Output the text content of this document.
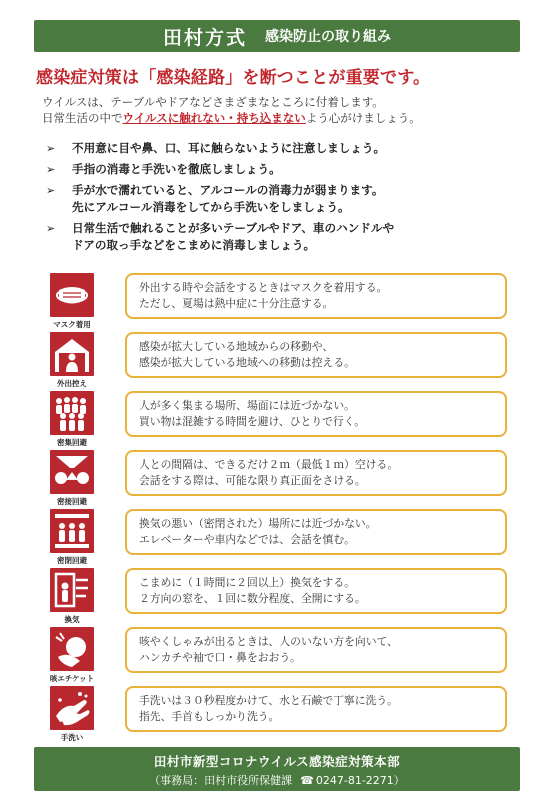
田村方式 感染防止の取り組み
感染症対策は「感染経路」を断つことが重要です。
ウイルスは、テーブルやドアなどさまざまなところに付着します。
日常生活の中でウイルスに触れない・持ち込まないよう心がけましょう。
➢ 不用意に目や鼻、口、耳に触らないように注意しましょう。
➢ 手指の消毒と手洗いを徹底しましょう。
➢ 手が水で濡れていると、アルコールの消毒力が弱まります。
先にアルコール消毒をしてから手洗いをしましょう。
➢ 日常生活で触れることが多いテーブルやドア、車のハンドルや
ドアの取っ手などをこまめに消毒しましょう。
マスク着用
外出する時や会話をするときはマスクを着用する。
ただし、夏場は熱中症に十分注意する。
外出控え
感染が拡大している地域からの移動や、
感染が拡大している地域への移動は控える。
密集回避
人が多く集まる場所、場面には近づかない。
買い物は混雑する時間を避け、ひとりで行く。
密接回避
人との間隔は、できるだけ２ｍ（最低１ｍ）空ける。
会話をする際は、可能な限り真正面をさける。
密閉回避
換気の悪い（密閉された）場所には近づかない。
エレベーターや車内などでは、会話を慎む。
換気
こまめに（１時間に２回以上）換気をする。
２方向の窓を、１回に数分程度、全開にする。
咳エチケット
咳やくしゃみが出るときは、人のいない方を向いて、
ハンカチや袖で口・鼻をおおう。
手洗い
手洗いは３０秒程度かけて、水と石鹸で丁寧に洗う。
指先、手首もしっかり洗う。
田村市新型コロナウイルス感染症対策本部
（事務局：田村市役所保健課 ☎ 0247-81-2271）
